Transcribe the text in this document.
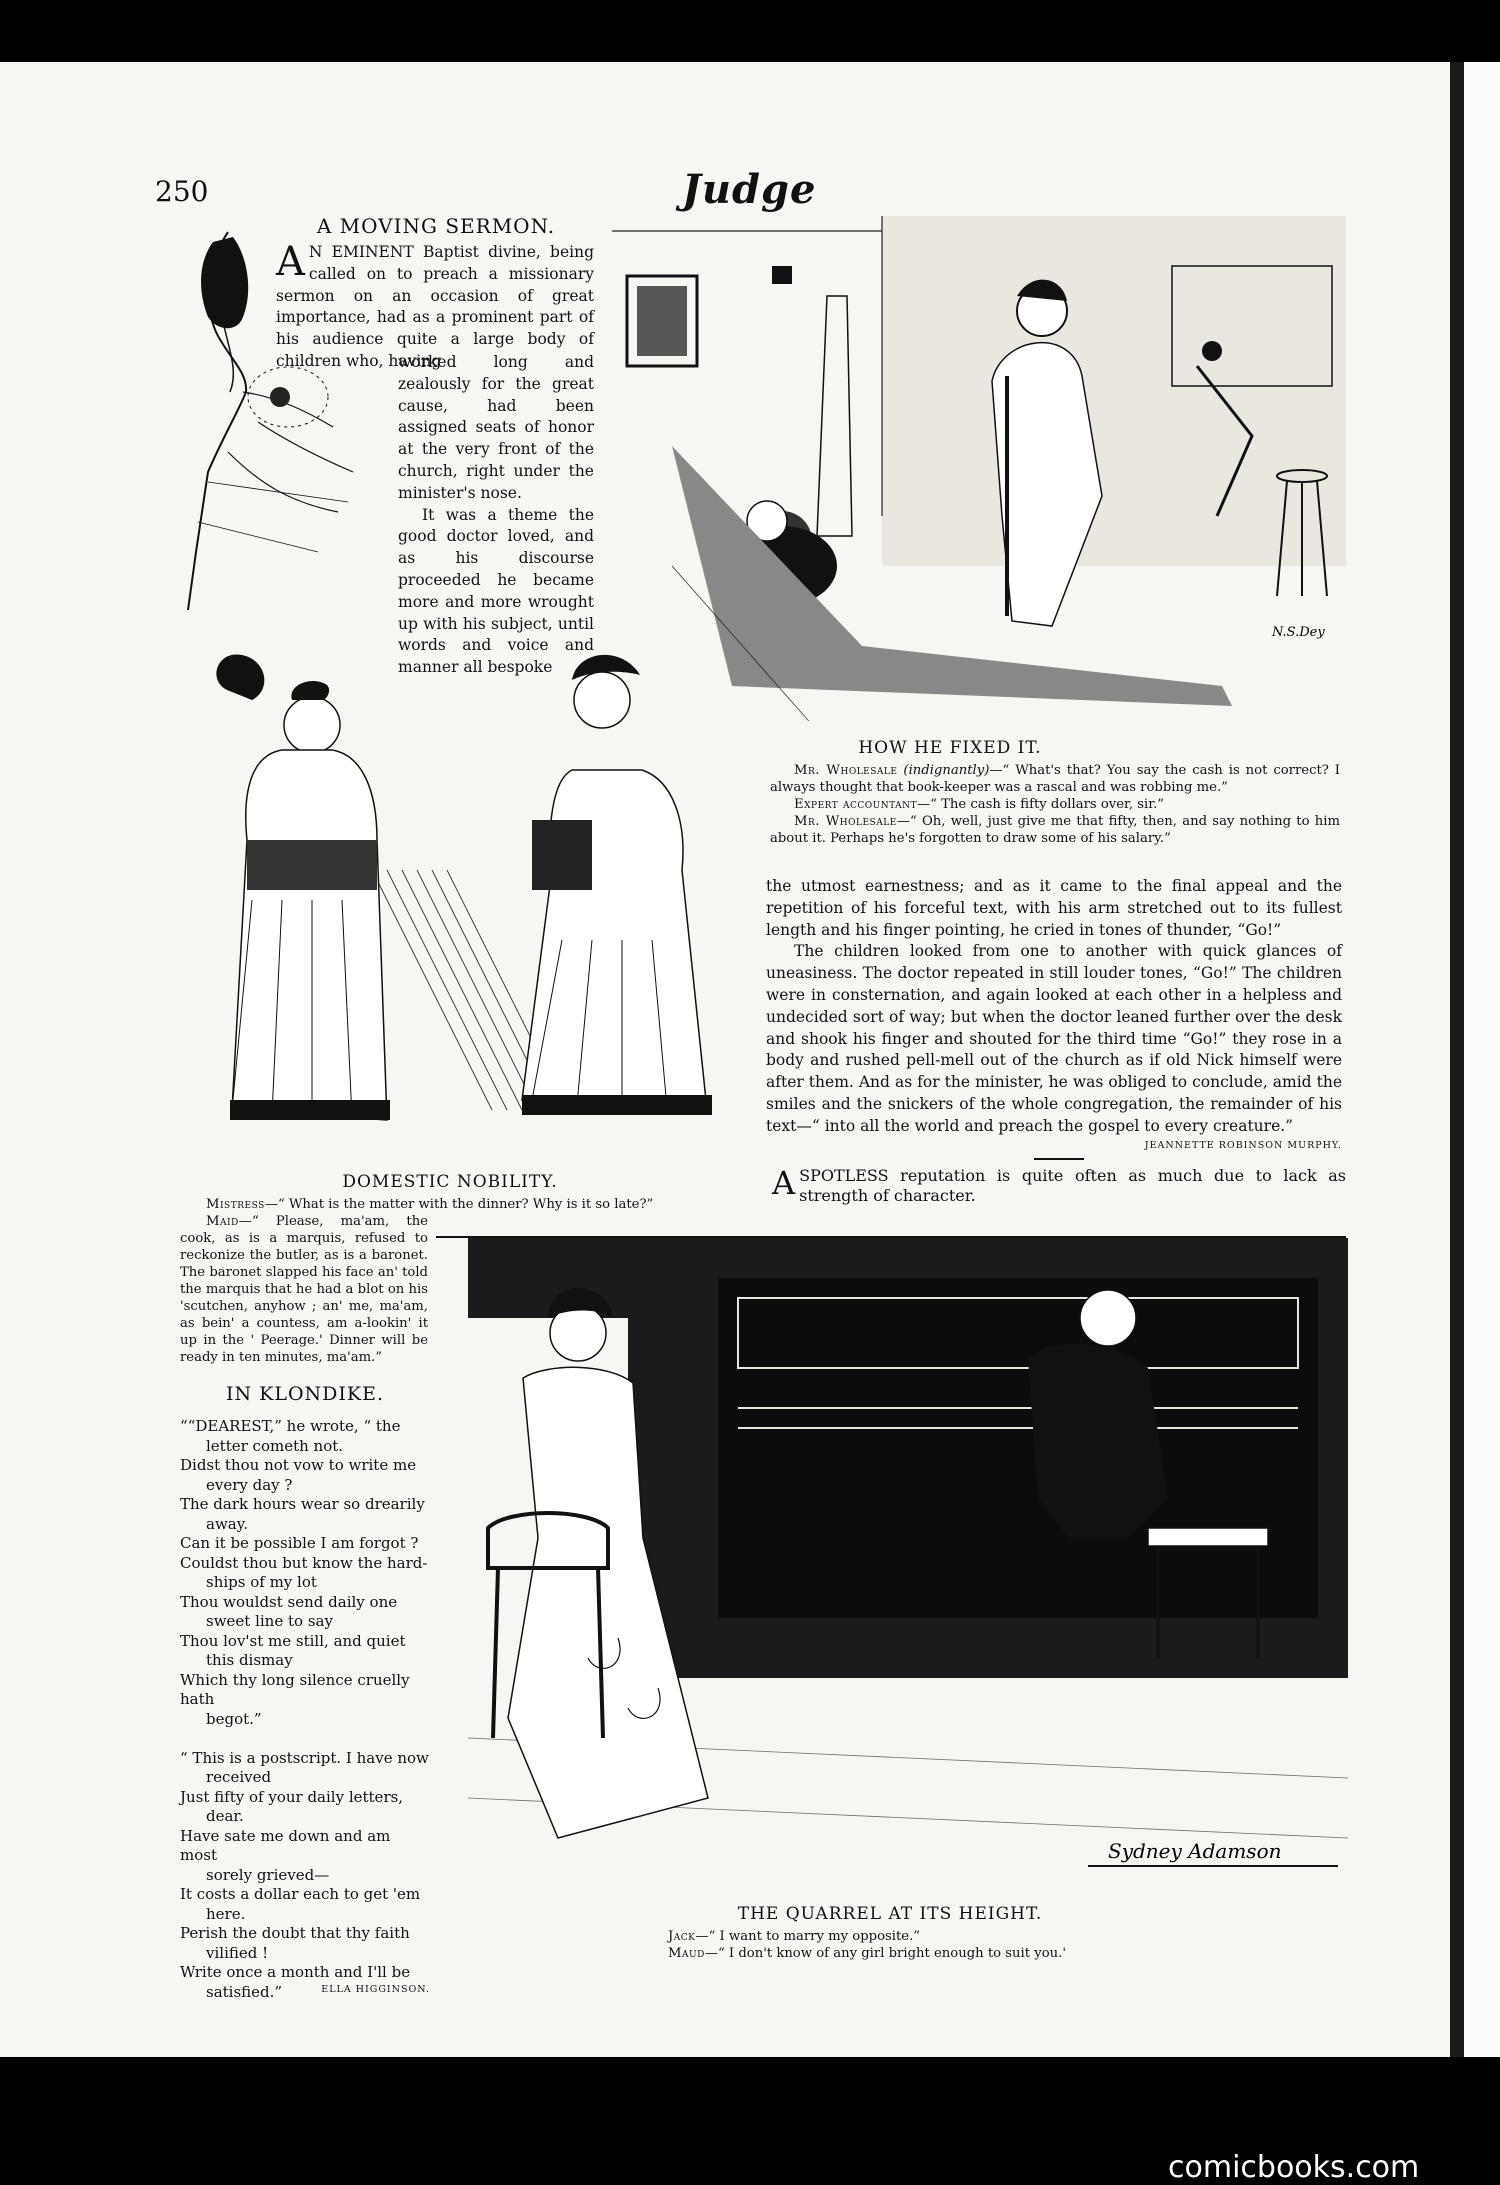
250	Judge
A MOVING SERMON.

A N EMINENT Baptist divine, being called on to preach a missionary sermon on an occasion of great importance, had as a prominent part of his audience quite a large body of children who, having

worked long and zealously for the great cause, had been assigned seats of honor at the very front of the church, right under the minister's nose.

It was a theme the good doctor loved, and as his discourse proceeded he became more and more wrought up with his subject, until words and voice and manner all bespoke

N.S.Dey
HOW HE FIXED IT.

Mr. Wholesale (indignantly)—“ What's that? You say the cash is not correct? I always thought that book-keeper was a rascal and was robbing me.”

Expert accountant—“ The cash is fifty dollars over, sir.”

Mr. Wholesale—“ Oh, well, just give me that fifty, then, and say nothing to him about it. Perhaps he's forgotten to draw some of his salary.”

DOMESTIC NOBILITY.

Mistress—“ What is the matter with the dinner? Why is it so late?”

Maid—“ Please, ma'am, the cook, as is a marquis, refused to reckonize the butler, as is a baronet. The baronet slapped his face an' told the marquis that he had a blot on his 'scutchen, anyhow ; an' me, ma'am, as bein' a countess, am a-lookin' it up in the ' Peerage.' Dinner will be ready in ten minutes, ma'am.”

the utmost earnestness; and as it came to the final appeal and the repetition of his forceful text, with his arm stretched out to its fullest length and his finger pointing, he cried in tones of thunder, “Go!”

The children looked from one to another with quick glances of uneasiness. The doctor repeated in still louder tones, “Go!” The children were in consternation, and again looked at each other in a helpless and undecided sort of way; but when the doctor leaned further over the desk and shook his finger and shouted for the third time “Go!” they rose in a body and rushed pell-mell out of the church as if old Nick himself were after them. And as for the minister, he was obliged to conclude, amid the smiles and the snickers of the whole congregation, the remainder of his text—“ into all the world and preach the gospel to every creature.”

JEANNETTE ROBINSON MURPHY.

ASPOTLESS reputation is quite often as much due to lack as strength of character.

IN KLONDIKE.
““DEAREST,” he wrote, “ the
letter cometh not.
Didst thou not vow to write me
every day ?
The dark hours wear so drearily
away.
Can it be possible I am forgot ?
Couldst thou but know the hard-
ships of my lot
Thou wouldst send daily one
sweet line to say
Thou lov'st me still, and quiet
this dismay
Which thy long silence cruelly hath
begot.”

“ This is a postscript. I have now
received
Just fifty of your daily letters,
dear.
Have sate me down and am most
sorely grieved—
It costs a dollar each to get 'em
here.
Perish the doubt that thy faith
vilified !
Write once a month and I'll be
satisfied.”	ELLA HIGGINSON.
Sydney Adamson
THE QUARREL AT ITS HEIGHT.

Jack—“ I want to marry my opposite.”

Maud—“ I don't know of any girl bright enough to suit you.'

comicbooks.com
